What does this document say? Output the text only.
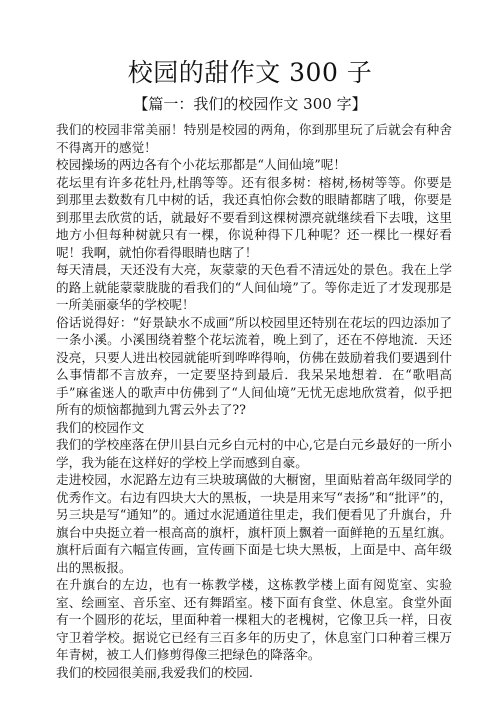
校园的甜作文 300 子
【篇一：我们的校园作文 300 字】

我们的校园非常美丽！特别是校园的两角，你到那里玩了后就会有种舍不得离开的感觉！

校园操场的两边各有个小花坛那都是“人间仙境”呢！

花坛里有许多花牡丹,杜鹃等等。还有很多树：榕树,杨树等等。你要是到那里去数数有几中树的话，我还真怕你会数的眼睛都瞎了哦，你要是到那里去欣赏的话，就最好不要看到这棵树漂亮就继续看下去哦，这里地方小但每种树就只有一棵，你说种得下几种呢？还一棵比一棵好看呢！我啊，就怕你看得眼睛也瞎了！

每天清晨，天还没有大亮，灰蒙蒙的天色看不清远处的景色。我在上学的路上就能蒙蒙胧胧的看我们的“人间仙境”了。等你走近了才发现那是一所美丽豪华的学校呢！

俗话说得好：“好景缺水不成画”所以校园里还特别在花坛的四边添加了一条小溪。小溪围绕着整个花坛流着，晚上到了，还在不停地流．天还没亮，只要人进出校园就能听到哗哗得响，仿佛在鼓励着我们要遇到什么事情都不言放弃，一定要坚持到最后．我呆呆地想着．在“歌唱高手”麻雀迷人的歌声中仿佛到了“人间仙境”无忧无虑地欣赏着，似乎把所有的烦恼都抛到九霄云外去了??

我们的校园作文

我们的学校座落在伊川县白元乡白元村的中心,它是白元乡最好的一所小学，我为能在这样好的学校上学而感到自豪。

走进校园，水泥路左边有三块玻璃做的大橱窗，里面贴着高年级同学的优秀作文。右边有四块大大的黑板，一块是用来写“表扬”和“批评”的，另三块是写“通知”的。通过水泥通道往里走，我们便看见了升旗台，升旗台中央挺立着一根高高的旗杆，旗杆顶上飘着一面鲜艳的五星红旗。旗杆后面有六幅宣传画，宣传画下面是七块大黑板，上面是中、高年级出的黑板报。

在升旗台的左边，也有一栋教学楼，这栋教学楼上面有阅览室、实验室、绘画室、音乐室、还有舞蹈室。楼下面有食堂、休息室。食堂外面有一个圆形的花坛，里面种着一棵粗大的老槐树，它像卫兵一样，日夜守卫着学校。据说它已经有三百多年的历史了，休息室门口种着三棵万年青树，被工人们修剪得像三把绿色的降落伞。

我们的校园很美丽,我爱我们的校园.
